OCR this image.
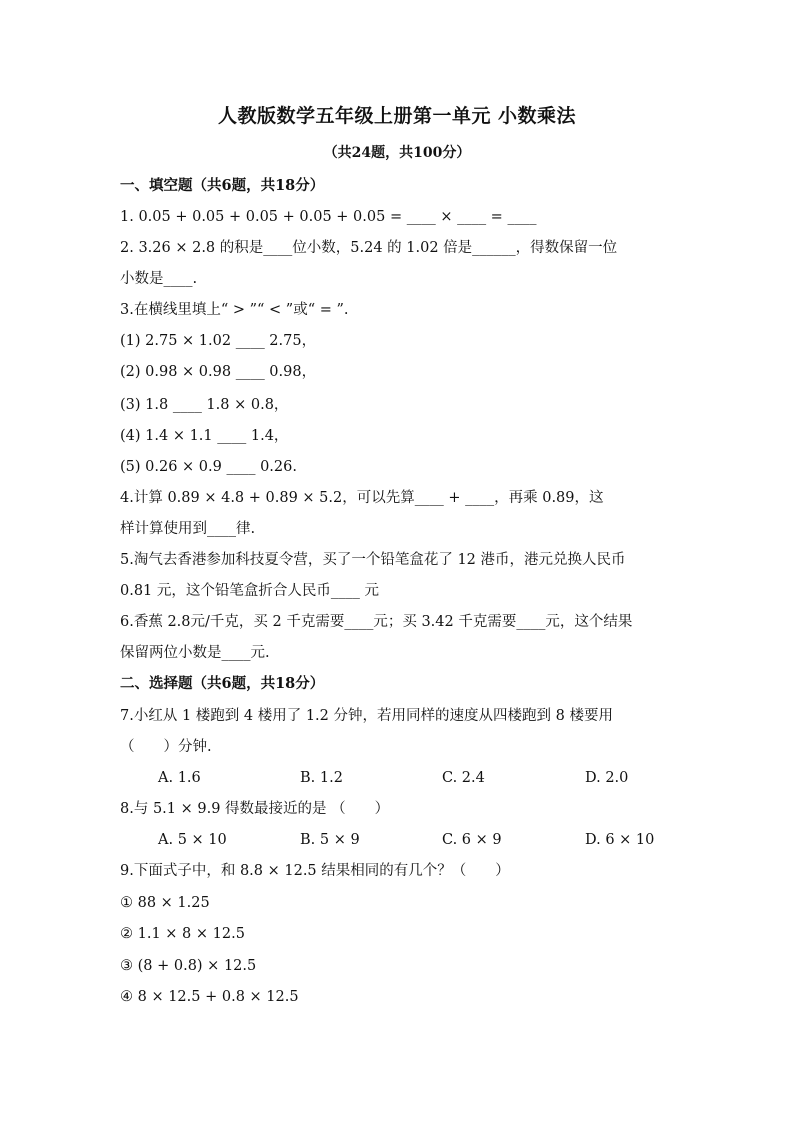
人教版数学五年级上册第一单元 小数乘法
（共24题，共100分）
一、填空题（共6题，共18分）
1. 0.05 + 0.05 + 0.05 + 0.05 + 0.05 = ____ × ____ = ____
2. 3.26 × 2.8 的积是____位小数，5.24 的 1.02 倍是______，得数保留一位
小数是____.
3.在横线里填上“ > ”“ < ”或“ = ”.
(1) 2.75 × 1.02 ____ 2.75，
(2) 0.98 × 0.98 ____ 0.98，
(3) 1.8 ____ 1.8 × 0.8，
(4) 1.4 × 1.1 ____ 1.4，
(5) 0.26 × 0.9 ____ 0.26.
4.计算 0.89 × 4.8 + 0.89 × 5.2，可以先算____ + ____，再乘 0.89，这
样计算使用到____律.
5.淘气去香港参加科技夏令营，买了一个铅笔盒花了 12 港币，港元兑换人民币
0.81 元，这个铅笔盒折合人民币____ 元
6.香蕉 2.8元/千克，买 2 千克需要____元；买 3.42 千克需要____元，这个结果
保留两位小数是____元.
二、选择题（共6题，共18分）
7.小红从 1 楼跑到 4 楼用了 1.2 分钟，若用同样的速度从四楼跑到 8 楼要用
（　　）分钟.
A. 1.6	B. 1.2	C. 2.4	D. 2.0
8.与 5.1 × 9.9 得数最接近的是 （　　）
A. 5 × 10	B. 5 × 9	C. 6 × 9	D. 6 × 10
9.下面式子中，和 8.8 × 12.5 结果相同的有几个？（　　）
① 88 × 1.25
② 1.1 × 8 × 12.5
③ (8 + 0.8) × 12.5
④ 8 × 12.5 + 0.8 × 12.5
